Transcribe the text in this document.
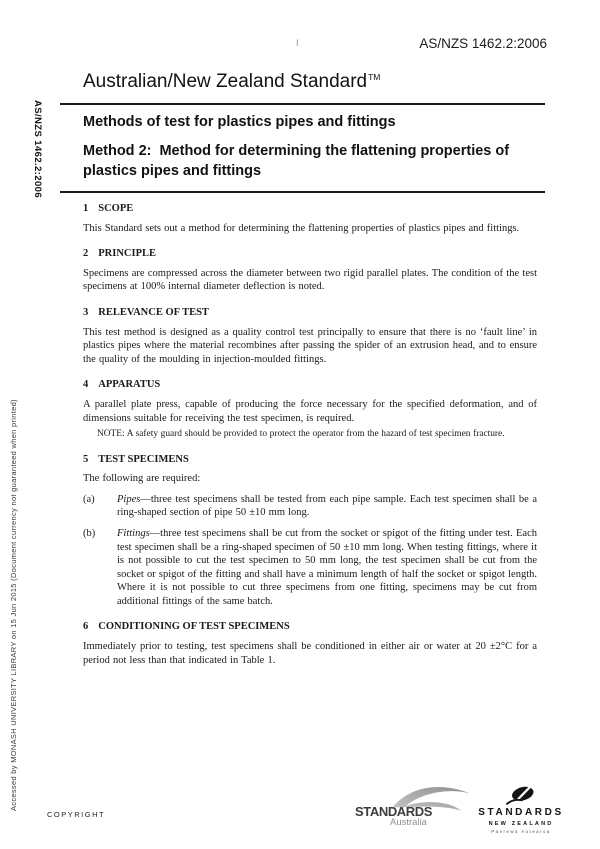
I	AS/NZS 1462.2:2006
Australian/New Zealand Standard™

Methods of test for plastics pipes and fittings

Method 2: Method for determining the flattening properties of plastics pipes and fittings

1 SCOPE

This Standard sets out a method for determining the flattening properties of plastics pipes and fittings.

2 PRINCIPLE

Specimens are compressed across the diameter between two rigid parallel plates. The condition of the test specimens at 100% internal diameter deflection is noted.

3 RELEVANCE OF TEST

This test method is designed as a quality control test principally to ensure that there is no ‘fault line’ in plastics pipes where the material recombines after passing the spider of an extrusion head, and to ensure the quality of the moulding in injection-moulded fittings.

4 APPARATUS

A parallel plate press, capable of producing the force necessary for the specified deformation, and of dimensions suitable for receiving the test specimen, is required.

NOTE: A safety guard should be provided to protect the operator from the hazard of test specimen fracture.

5 TEST SPECIMENS

The following are required:

(a)	Pipes—three test specimens shall be tested from each pipe sample. Each test specimen shall be a ring-shaped section of pipe 50 ±10 mm long.
(b)	Fittings—three test specimens shall be cut from the socket or spigot of the fitting under test. Each test specimen shall be a ring-shaped specimen of 50 ±10 mm long. When testing fittings, where it is not possible to cut the test specimen to 50 mm long, the test specimen shall be cut from the socket or spigot of the fitting and shall have a minimum length of half the socket or spigot length. Where it is not possible to cut three specimens from one fitting, specimens may be cut from additional fittings of the same batch.

6 CONDITIONING OF TEST SPECIMENS

Immediately prior to testing, test specimens shall be conditioned in either air or water at 20 ±2°C for a period not less than that indicated in Table 1.

AS/NZS 1462.2:2006
Accessed by MONASH UNIVERSITY LIBRARY on 15 Jun 2015 (Document currency not guaranteed when printed)
COPYRIGHT	STANDARDS
Australia
STANDARDS
NEW ZEALAND
Paerewa Aotearoa
